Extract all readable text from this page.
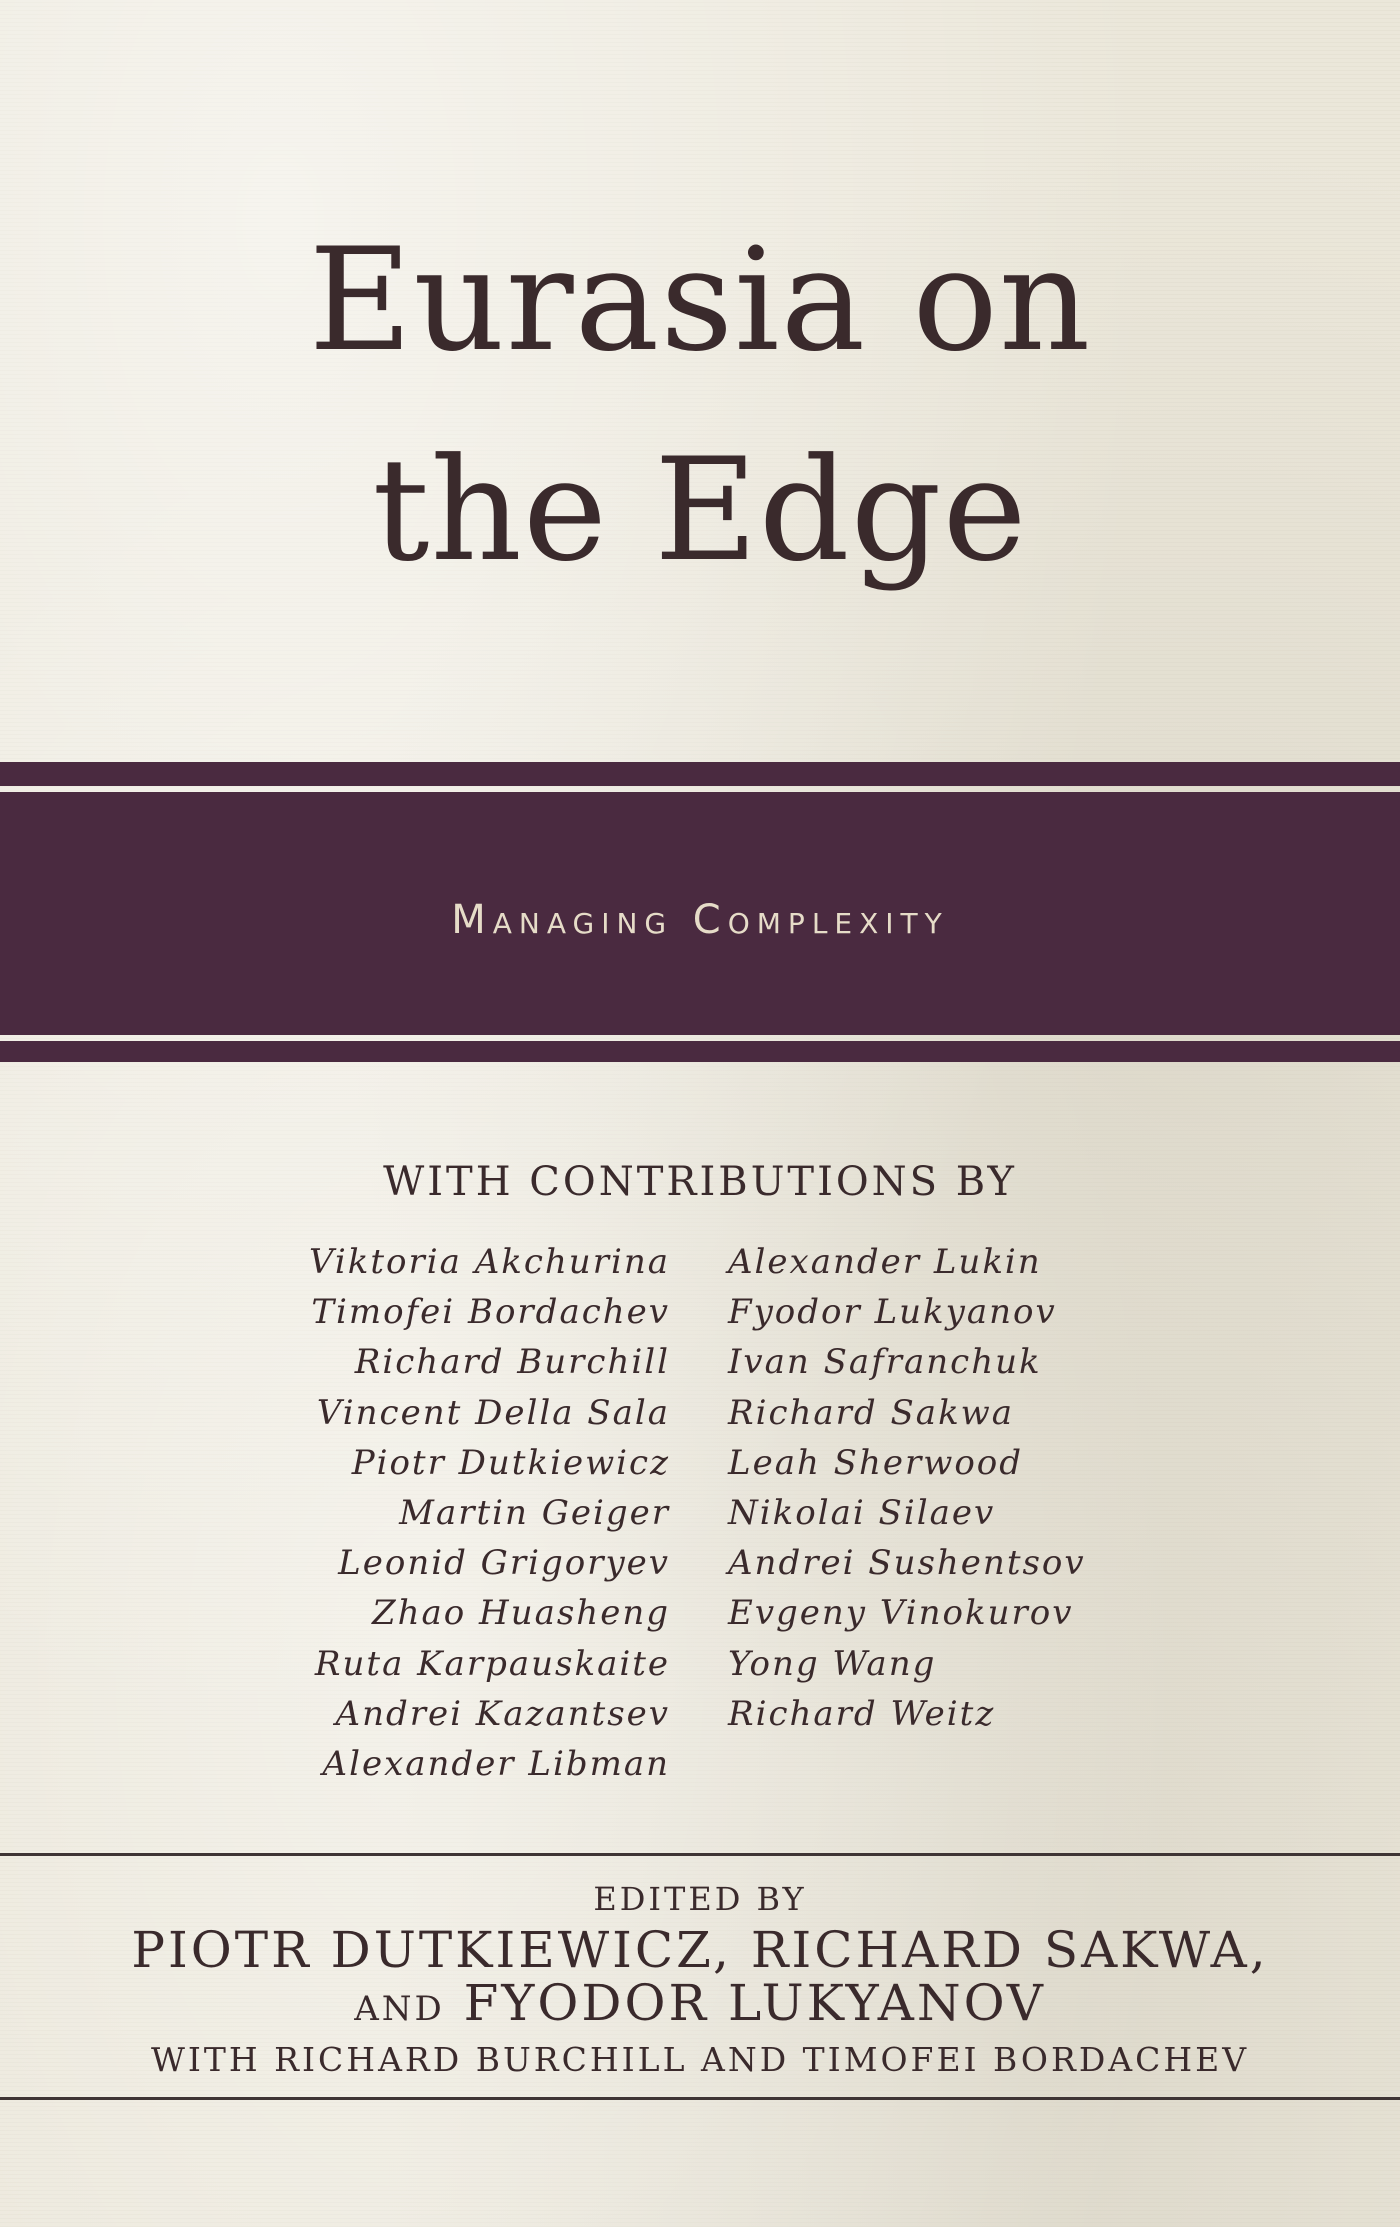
Eurasia on
the Edge
Managing Complexity
WITH CONTRIBUTIONS BY
Viktoria Akchurina
Timofei Bordachev
Richard Burchill
Vincent Della Sala
Piotr Dutkiewicz
Martin Geiger
Leonid Grigoryev
Zhao Huasheng
Ruta Karpauskaite
Andrei Kazantsev
Alexander Libman
Alexander Lukin
Fyodor Lukyanov
Ivan Safranchuk
Richard Sakwa
Leah Sherwood
Nikolai Silaev
Andrei Sushentsov
Evgeny Vinokurov
Yong Wang
Richard Weitz
EDITED BY
PIOTR DUTKIEWICZ, RICHARD SAKWA,
AND FYODOR LUKYANOV
WITH RICHARD BURCHILL AND TIMOFEI BORDACHEV
